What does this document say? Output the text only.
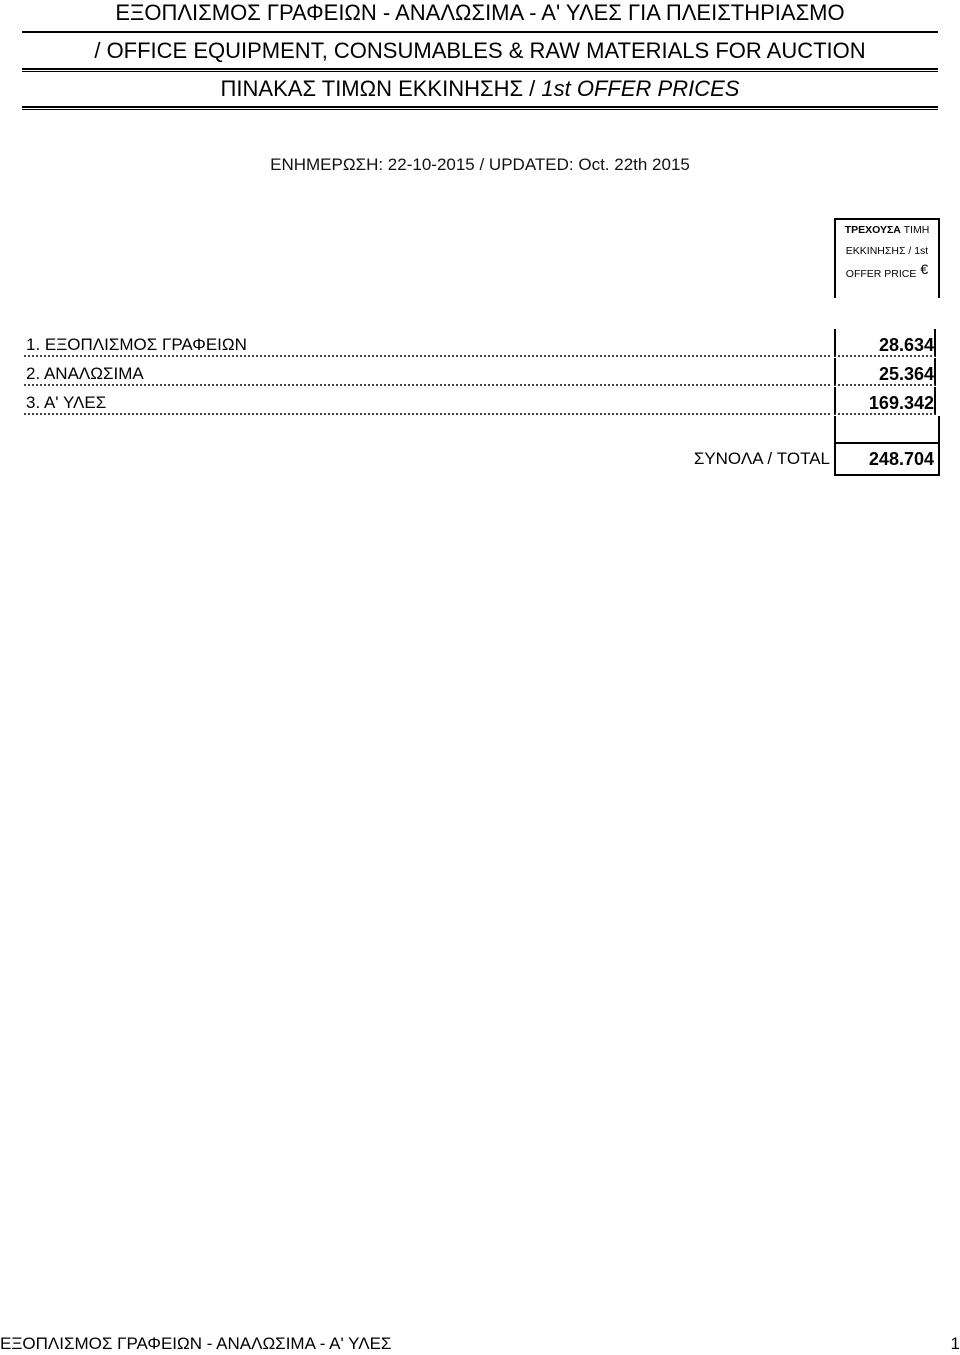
ΕΞΟΠΛΙΣΜΟΣ ΓΡΑΦΕΙΩΝ - ΑΝΑΛΩΣΙΜΑ - Α' ΥΛΕΣ ΓΙΑ ΠΛΕΙΣΤΗΡΙΑΣΜΟ
/ OFFICE EQUIPMENT, CONSUMABLES & RAW MATERIALS FOR AUCTION
ΠΙΝΑΚΑΣ ΤΙΜΩΝ ΕΚΚΙΝΗΣΗΣ / 1st OFFER PRICES
ΕΝΗΜΕΡΩΣΗ: 22-10-2015 / UPDATED: Oct. 22th 2015
ΤΡΕΧΟΥΣΑ ΤΙΜΗ
ΕΚΚΙΝΗΣΗΣ / 1st
OFFER PRICE €
1. ΕΞΟΠΛΙΣΜΟΣ ΓΡΑΦΕΙΩΝ	28.634
2. ΑΝΑΛΩΣΙΜΑ	25.364
3. Α' ΥΛΕΣ	169.342
ΣΥΝΟΛΑ / TOTAL 248.704
ΕΞΟΠΛΙΣΜΟΣ ΓΡΑΦΕΙΩΝ - ΑΝΑΛΩΣΙΜΑ - Α' ΥΛΕΣ	1
